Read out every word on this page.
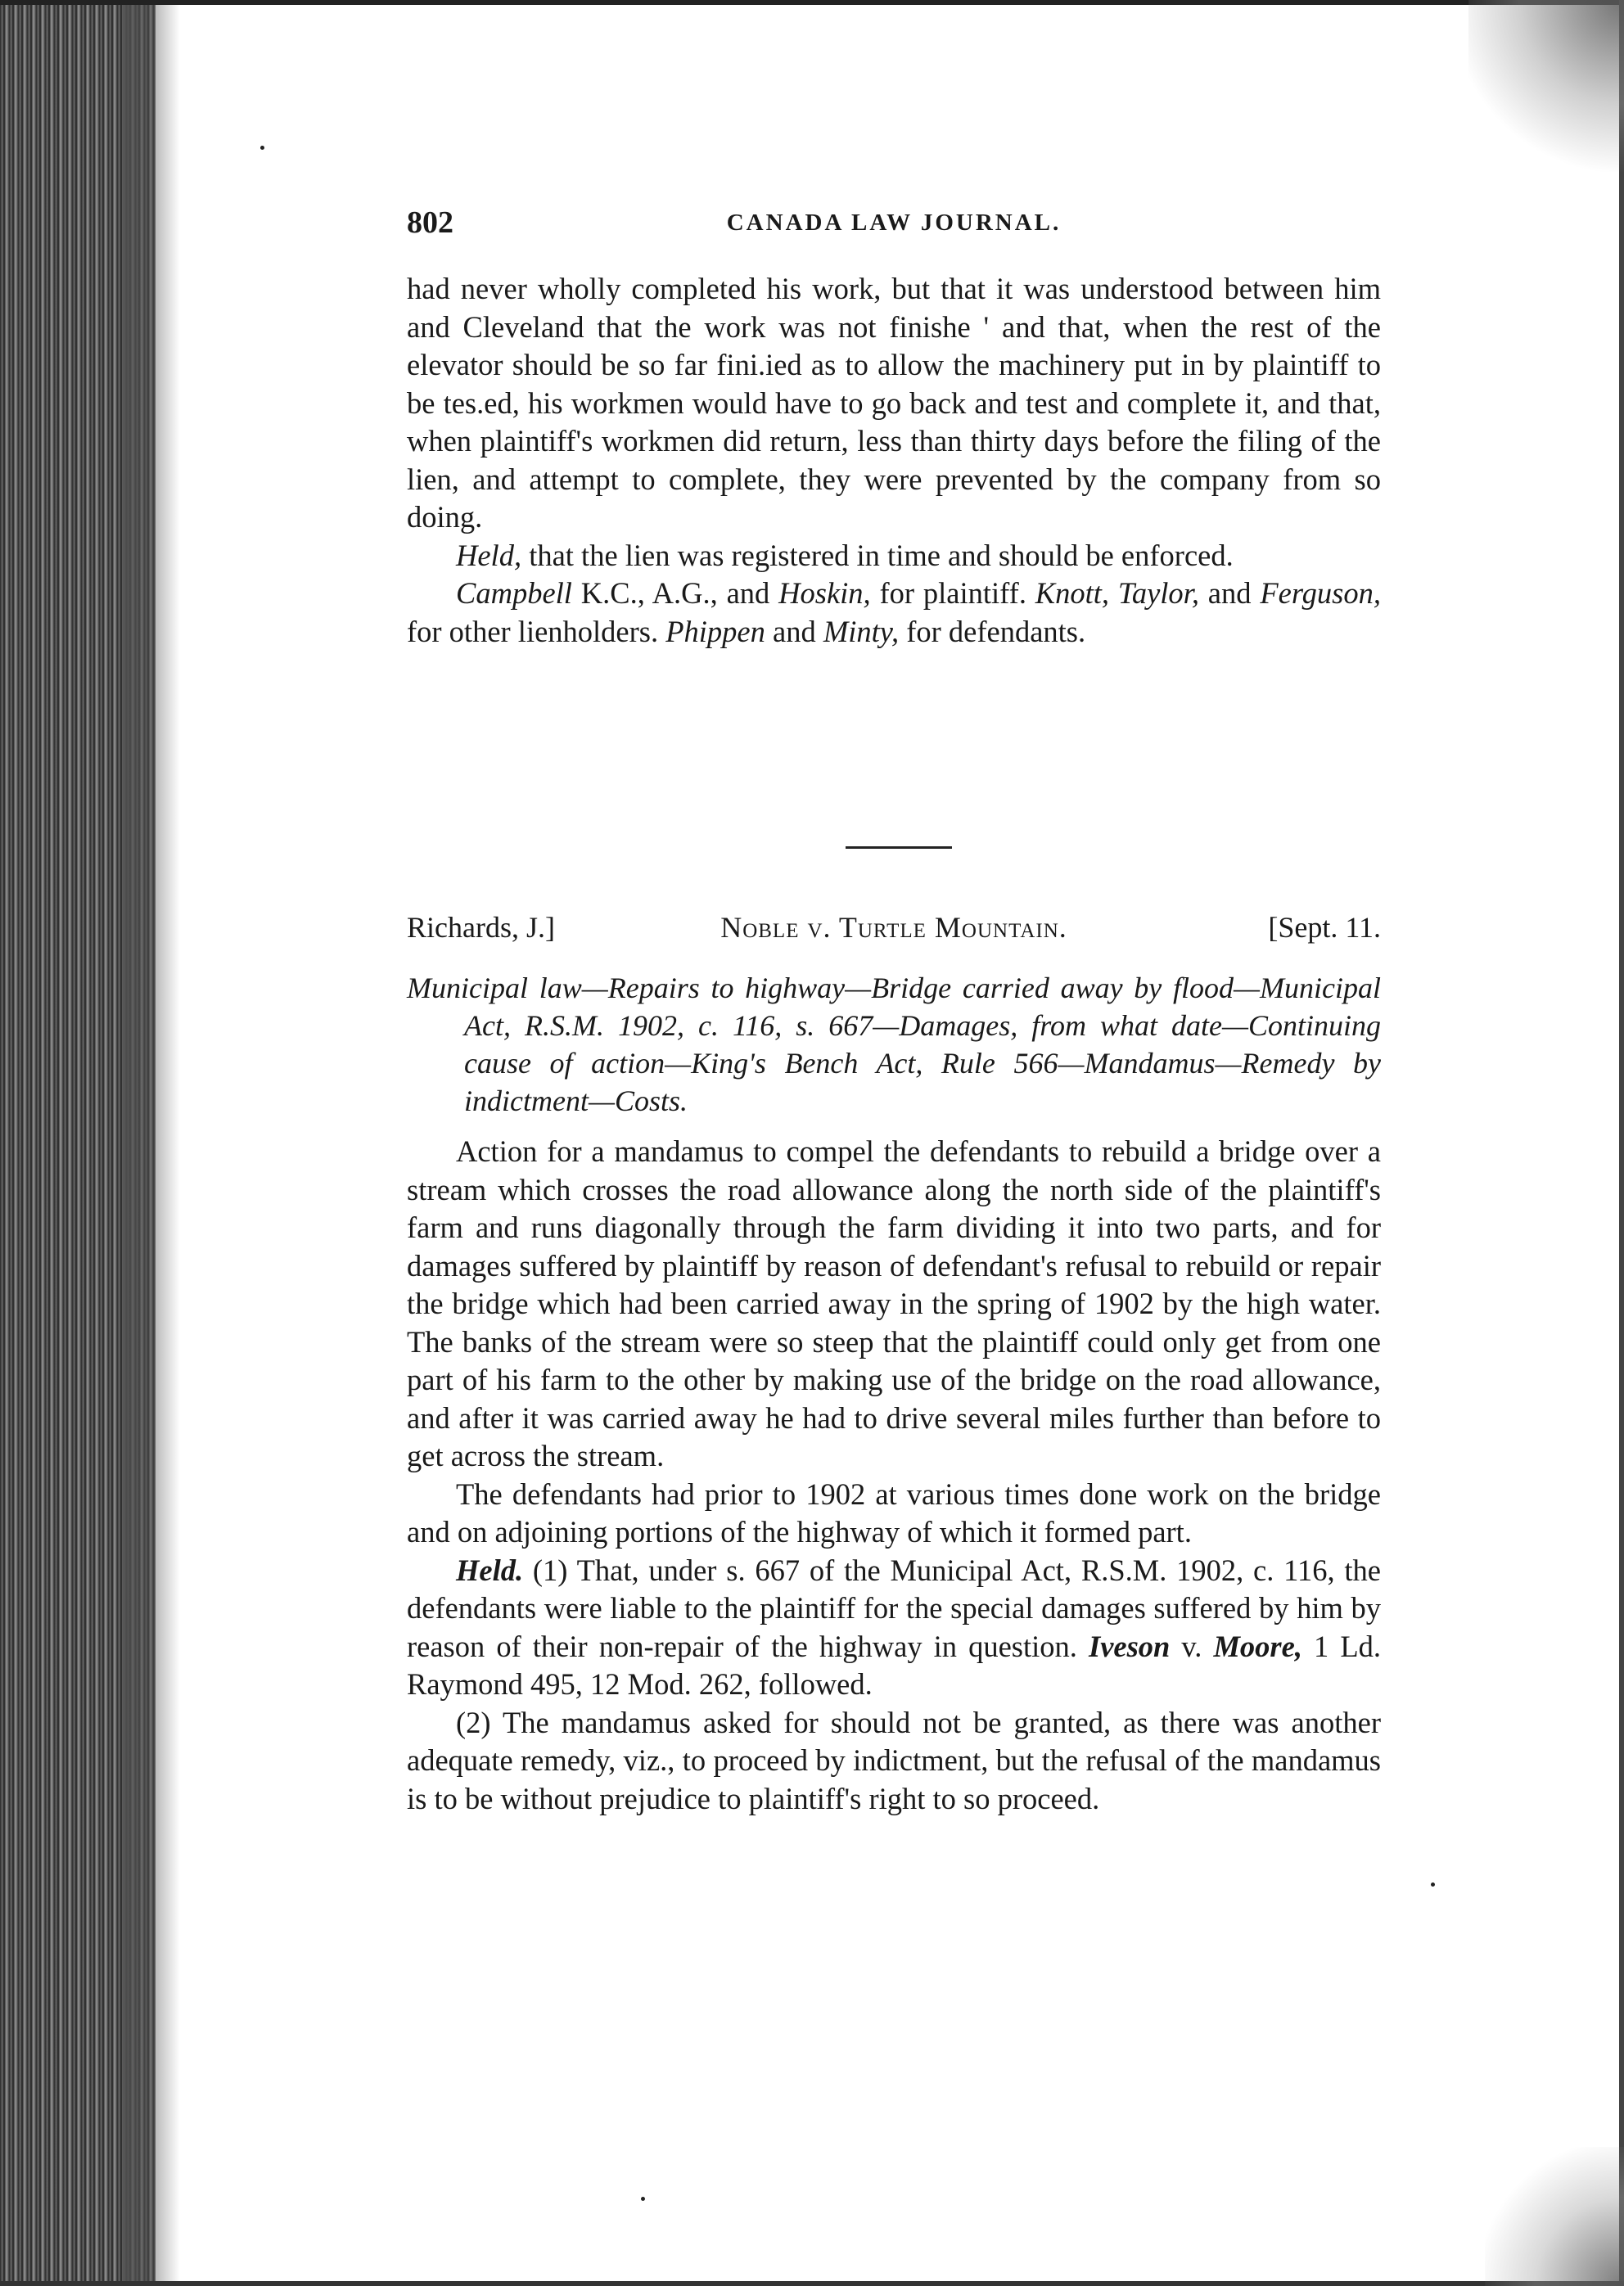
802	CANADA LAW JOURNAL.

had never wholly completed his work, but that it was understood between him and Cleveland that the work was not finishe ' and that, when the rest of the elevator should be so far fini.ied as to allow the machinery put in by plaintiff to be tes.ed, his workmen would have to go back and test and complete it, and that, when plaintiff's workmen did return, less than thirty days before the filing of the lien, and attempt to complete, they were prevented by the company from so doing.

Held, that the lien was registered in time and should be enforced.

Campbell K.C., A.G., and Hoskin, for plaintiff. Knott, Taylor, and Ferguson, for other lienholders. Phippen and Minty, for defendants.

Richards, J.]	Noble v. Turtle Mountain.	[Sept. 11.

Municipal law—Repairs to highway—Bridge carried away by flood—Municipal Act, R.S.M. 1902, c. 116, s. 667—Damages, from what date—Continuing cause of action—King's Bench Act, Rule 566—Mandamus—Remedy by indictment—Costs.

Action for a mandamus to compel the defendants to rebuild a bridge over a stream which crosses the road allowance along the north side of the plaintiff's farm and runs diagonally through the farm dividing it into two parts, and for damages suffered by plaintiff by reason of defendant's refusal to rebuild or repair the bridge which had been carried away in the spring of 1902 by the high water. The banks of the stream were so steep that the plaintiff could only get from one part of his farm to the other by making use of the bridge on the road allowance, and after it was carried away he had to drive several miles further than before to get across the stream.

The defendants had prior to 1902 at various times done work on the bridge and on adjoining portions of the highway of which it formed part.

Held. (1) That, under s. 667 of the Municipal Act, R.S.M. 1902, c. 116, the defendants were liable to the plaintiff for the special damages suffered by him by reason of their non-repair of the highway in question. Iveson v. Moore, 1 Ld. Raymond 495, 12 Mod. 262, followed.

(2) The mandamus asked for should not be granted, as there was another adequate remedy, viz., to proceed by indictment, but the refusal of the mandamus is to be without prejudice to plaintiff's right to so proceed.
